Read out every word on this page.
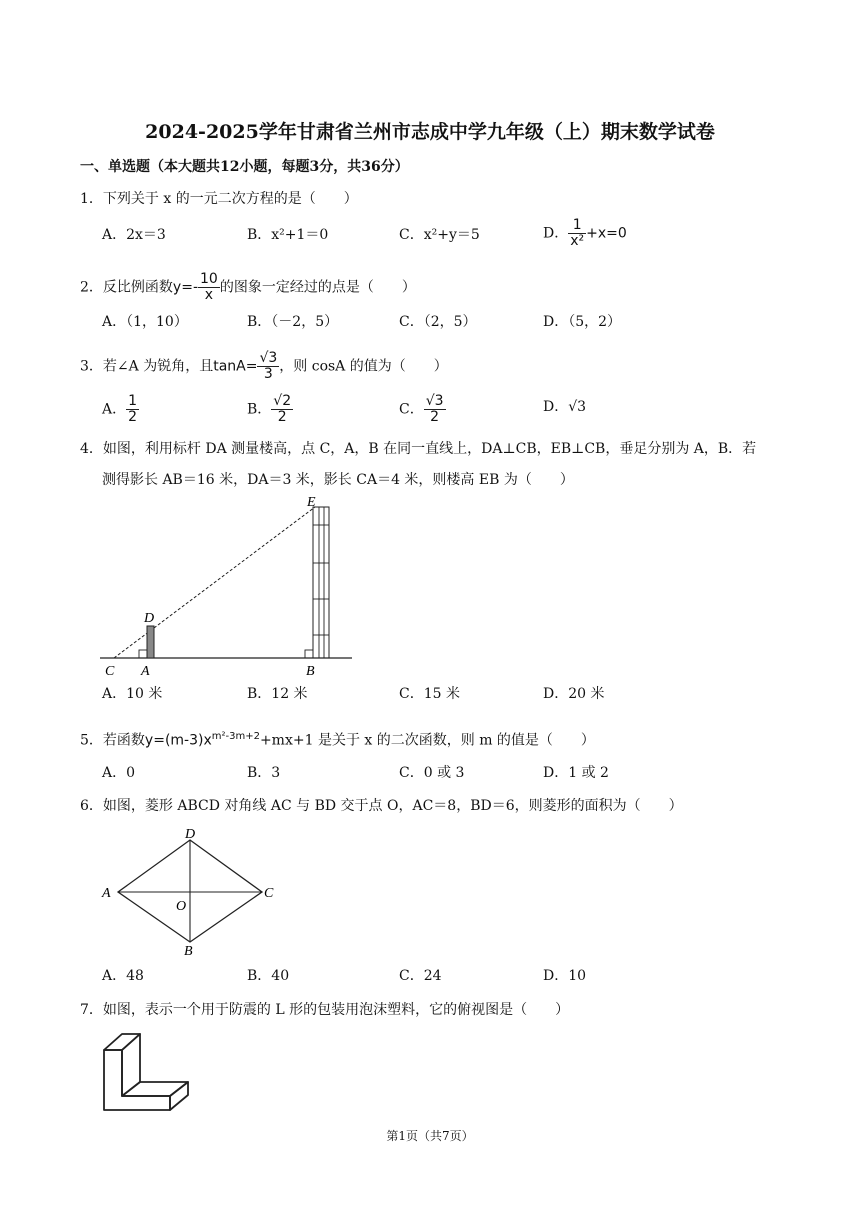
2024-2025学年甘肃省兰州市志成中学九年级（上）期末数学试卷
一、单选题（本大题共12小题，每题3分，共36分）
1．下列关于 x 的一元二次方程的是（　　）
A．2x＝3	B．x²+1＝0	C．x²+y＝5	D． $\frac{1}{\text{x²}} +x=0$
2．反比例函数$y=- \frac{10}{x}$ 的图象一定经过的点是（　　）
A．（1，10）	B．（－2，5）	C．（2，5）	D．（5，2）
3．若∠A 为锐角，且$\tan A= \frac{√3}{3}$ ，则 cosA 的值为（　　）
A． $\frac{1}{2}$	B． $\frac{√2}{2}$	C． $\frac{√3}{2}$	D．√3
4．如图，利用标杆 DA 测量楼高，点 C，A，B 在同一直线上，DA⊥CB，EB⊥CB，垂足分别为 A，B．若
测得影长 AB＝16 米，DA＝3 米，影长 CA＝4 米，则楼高 EB 为（　　）
E
D
C A	B
A．10 米	B．12 米	C．15 米	D．20 米
5．若函数$y=(m-3)x^{m^2-3m+2}+mx+1$ 是关于 x 的二次函数，则 m 的值是（　　）
A．0	B．3	C．0 或 3	D．1 或 2
6．如图，菱形 ABCD 对角线 AC 与 BD 交于点 O，AC＝8，BD＝6，则菱形的面积为（　　）
D
A
O
C
B
A．48	B．40	C．24	D．10
7．如图，表示一个用于防震的 L 形的包装用泡沫塑料，它的俯视图是（　　）
第1页（共7页）
